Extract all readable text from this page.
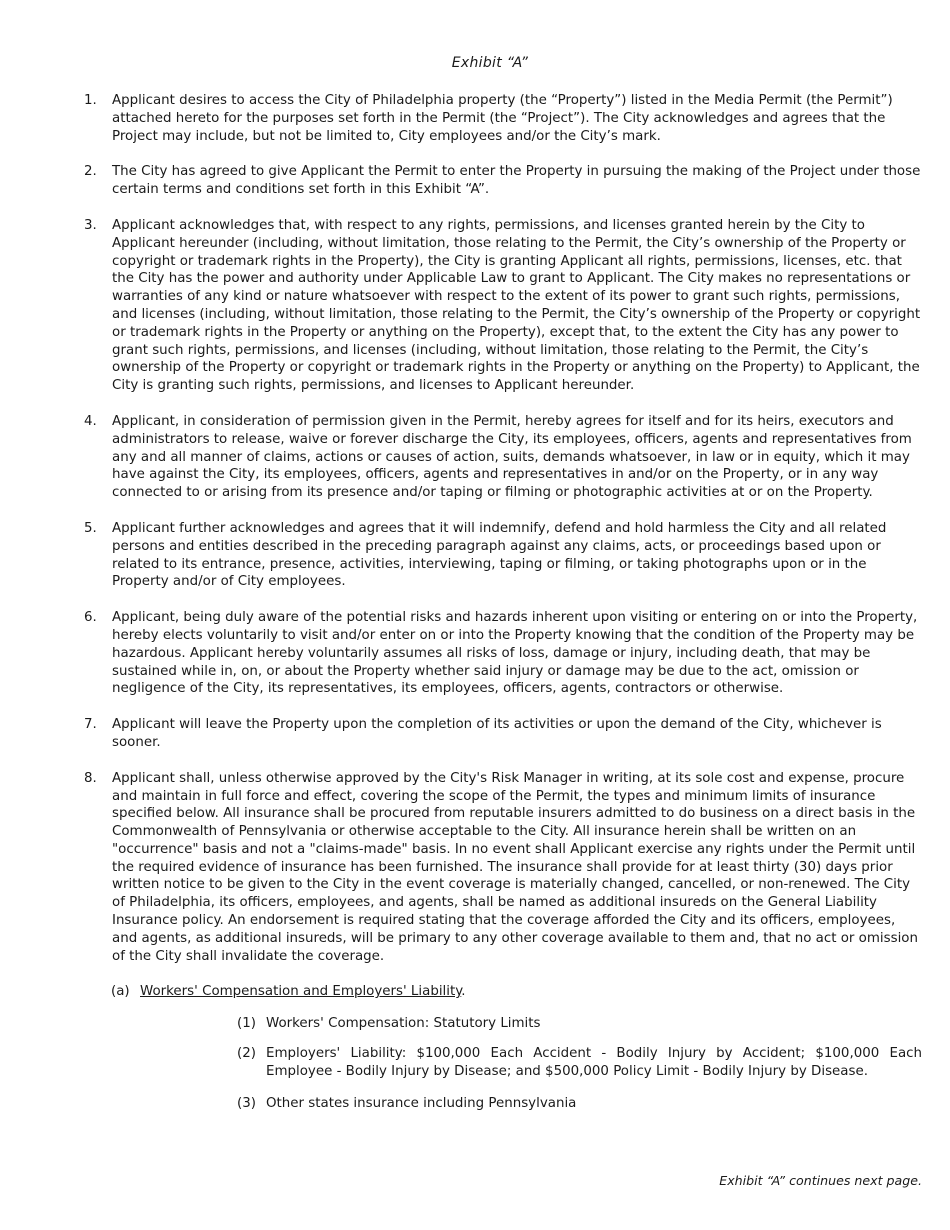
Exhibit “A”
1. Applicant desires to access the City of Philadelphia property (the “Property”) listed in the Media Permit (the Permit”) attached hereto for the purposes set forth in the Permit (the “Project”). The City acknowledges and agrees that the Project may include, but not be limited to, City employees and/or the City’s mark.

2. The City has agreed to give Applicant the Permit to enter the Property in pursuing the making of the Project under those certain terms and conditions set forth in this Exhibit “A”.

3. Applicant acknowledges that, with respect to any rights, permissions, and licenses granted herein by the City to Applicant hereunder (including, without limitation, those relating to the Permit, the City’s ownership of the Property or copyright or trademark rights in the Property), the City is granting Applicant all rights, permissions, licenses, etc. that the City has the power and authority under Applicable Law to grant to Applicant. The City makes no representations or warranties of any kind or nature whatsoever with respect to the extent of its power to grant such rights, permissions, and licenses (including, without limitation, those relating to the Permit, the City’s ownership of the Property or copyright or trademark rights in the Property or anything on the Property), except that, to the extent the City has any power to grant such rights, permissions, and licenses (including, without limitation, those relating to the Permit, the City’s ownership of the Property or copyright or trademark rights in the Property or anything on the Property) to Applicant, the City is granting such rights, permissions, and licenses to Applicant hereunder.

4. Applicant, in consideration of permission given in the Permit, hereby agrees for itself and for its heirs, executors and administrators to release, waive or forever discharge the City, its employees, officers, agents and representatives from any and all manner of claims, actions or causes of action, suits, demands whatsoever, in law or in equity, which it may have against the City, its employees, officers, agents and representatives in and/or on the Property, or in any way connected to or arising from its presence and/or taping or filming or photographic activities at or on the Property.

5. Applicant further acknowledges and agrees that it will indemnify, defend and hold harmless the City and all related persons and entities described in the preceding paragraph against any claims, acts, or proceedings based upon or related to its entrance, presence, activities, interviewing, taping or filming, or taking photographs upon or in the Property and/or of City employees.

6. Applicant, being duly aware of the potential risks and hazards inherent upon visiting or entering on or into the Property, hereby elects voluntarily to visit and/or enter on or into the Property knowing that the condition of the Property may be hazardous. Applicant hereby voluntarily assumes all risks of loss, damage or injury, including death, that may be sustained while in, on, or about the Property whether said injury or damage may be due to the act, omission or negligence of the City, its representatives, its employees, officers, agents, contractors or otherwise.

7. Applicant will leave the Property upon the completion of its activities or upon the demand of the City, whichever is sooner.

8. Applicant shall, unless otherwise approved by the City's Risk Manager in writing, at its sole cost and expense, procure and maintain in full force and effect, covering the scope of the Permit, the types and minimum limits of insurance specified below. All insurance shall be procured from reputable insurers admitted to do business on a direct basis in the Commonwealth of Pennsylvania or otherwise acceptable to the City. All insurance herein shall be written on an "occurrence" basis and not a "claims-made" basis. In no event shall Applicant exercise any rights under the Permit until the required evidence of insurance has been furnished. The insurance shall provide for at least thirty (30) days prior written notice to be given to the City in the event coverage is materially changed, cancelled, or non-renewed. The City of Philadelphia, its officers, employees, and agents, shall be named as additional insureds on the General Liability Insurance policy. An endorsement is required stating that the coverage afforded the City and its officers, employees, and agents, as additional insureds, will be primary to any other coverage available to them and, that no act or omission of the City shall invalidate the coverage.

(a) Workers' Compensation and Employers' Liability.
(1) Workers' Compensation: Statutory Limits
(2) Employers' Liability: $100,000 Each Accident - Bodily Injury by Accident; $100,000 Each Employee - Bodily Injury by Disease; and $500,000 Policy Limit - Bodily Injury by Disease.
(3) Other states insurance including Pennsylvania
Exhibit “A” continues next page.
